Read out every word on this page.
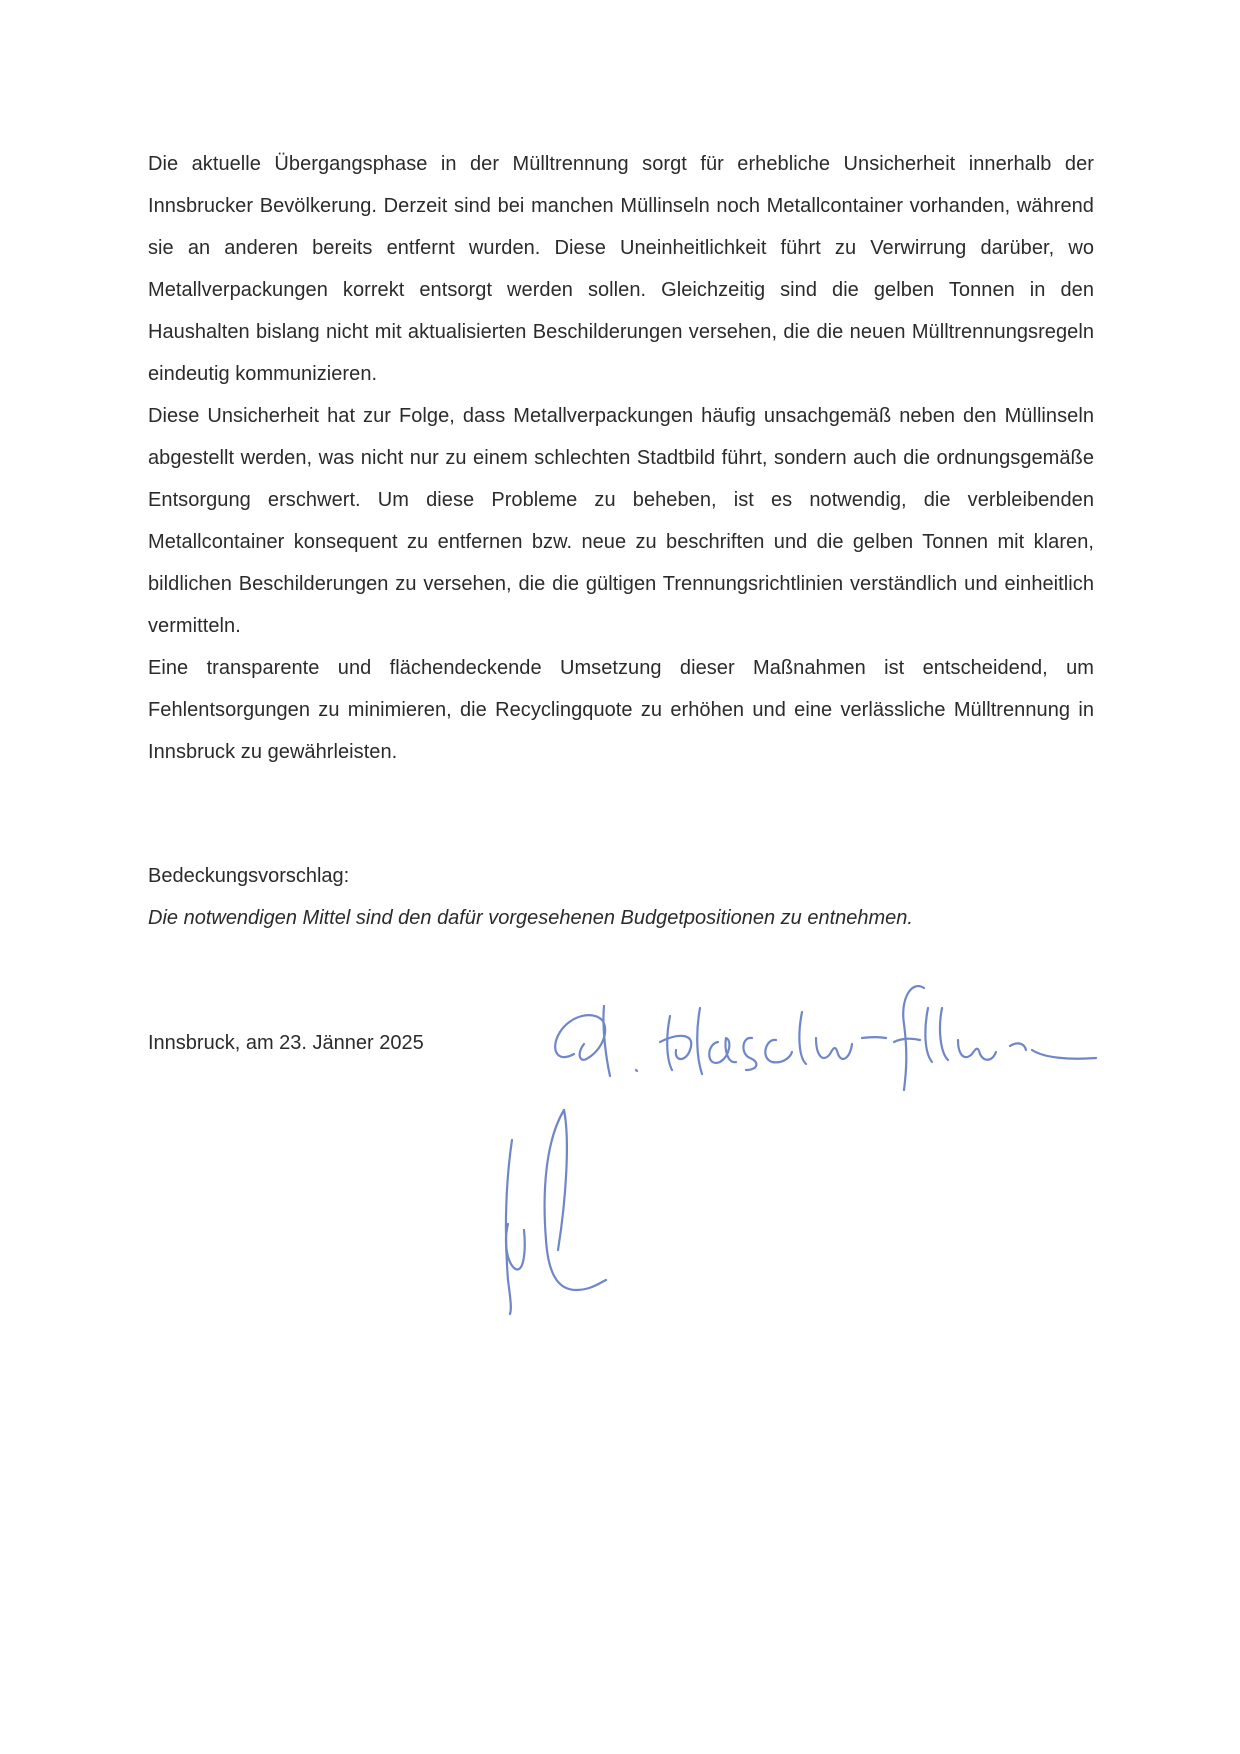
Die aktuelle Übergangsphase in der Mülltrennung sorgt für erhebliche Unsicherheit innerhalb der Innsbrucker Bevölkerung. Derzeit sind bei manchen Müllinseln noch Metallcontainer vorhanden, während sie an anderen bereits entfernt wurden. Diese Uneinheitlichkeit führt zu Verwirrung darüber, wo Metallverpackungen korrekt entsorgt werden sollen. Gleichzeitig sind die gelben Tonnen in den Haushalten bislang nicht mit aktualisierten Beschilderungen versehen, die die neuen Mülltrennungsregeln eindeutig kommunizieren.

Diese Unsicherheit hat zur Folge, dass Metallverpackungen häufig unsachgemäß neben den Müllinseln abgestellt werden, was nicht nur zu einem schlechten Stadtbild führt, sondern auch die ordnungsgemäße Entsorgung erschwert. Um diese Probleme zu beheben, ist es notwendig, die verbleibenden Metallcontainer konsequent zu entfernen bzw. neue zu beschriften und die gelben Tonnen mit klaren, bildlichen Beschilderungen zu versehen, die die gültigen Trennungsrichtlinien verständlich und einheitlich vermitteln.

Eine transparente und flächendeckende Umsetzung dieser Maßnahmen ist entscheidend, um Fehlentsorgungen zu minimieren, die Recyclingquote zu erhöhen und eine verlässliche Mülltrennung in Innsbruck zu gewährleisten.

Bedeckungsvorschlag:
Die notwendigen Mittel sind den dafür vorgesehenen Budgetpositionen zu entnehmen.
Innsbruck, am 23. Jänner 2025
